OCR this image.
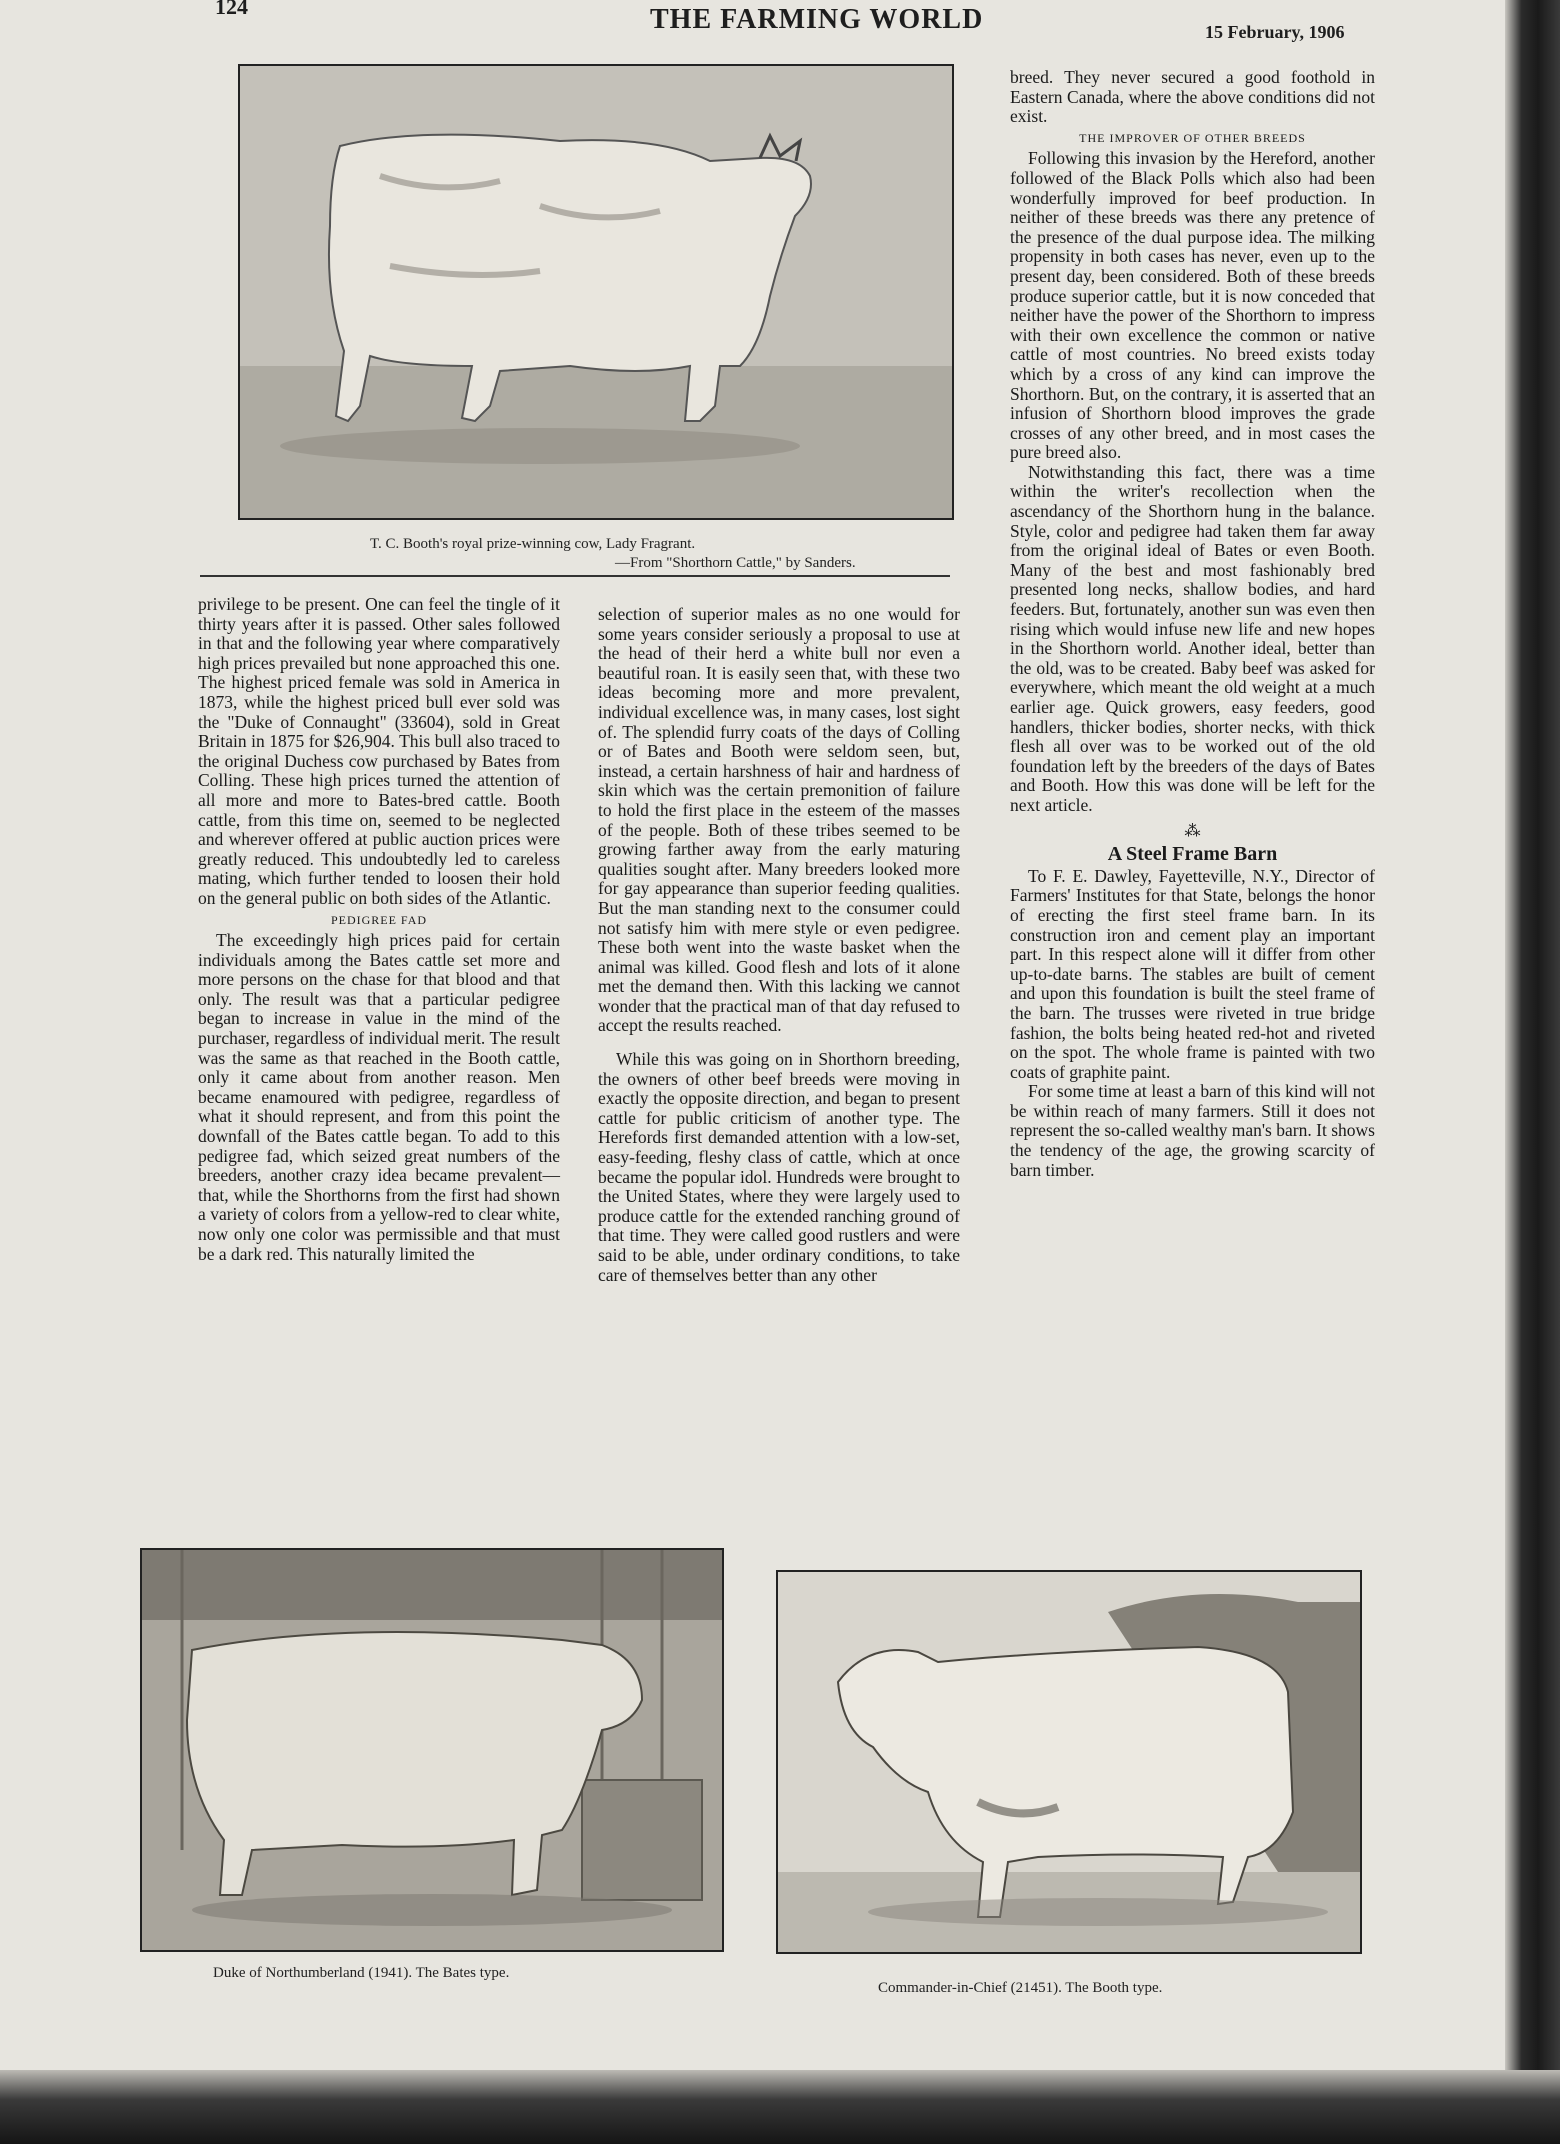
124	THE FARMING WORLD	15 February, 1906
T. C. Booth's royal prize-winning cow, Lady Fragrant.
—From "Shorthorn Cattle," by Sanders.

privilege to be present. One can feel the tingle of it thirty years after it is passed. Other sales followed in that and the following year where comparatively high prices prevailed but none approached this one. The highest priced female was sold in America in 1873, while the highest priced bull ever sold was the "Duke of Connaught" (33604), sold in Great Britain in 1875 for $26,904. This bull also traced to the original Duchess cow purchased by Bates from Colling. These high prices turned the attention of all more and more to Bates-bred cattle. Booth cattle, from this time on, seemed to be neglected and wherever offered at public auction prices were greatly reduced. This undoubtedly led to careless mating, which further tended to loosen their hold on the general public on both sides of the Atlantic.

PEDIGREE FAD

The exceedingly high prices paid for certain individuals among the Bates cattle set more and more persons on the chase for that blood and that only. The result was that a particular pedigree began to increase in value in the mind of the purchaser, regardless of individual merit. The result was the same as that reached in the Booth cattle, only it came about from another reason. Men became enamoured with pedigree, regardless of what it should represent, and from this point the downfall of the Bates cattle began. To add to this pedigree fad, which seized great numbers of the breeders, another crazy idea became prevalent—that, while the Shorthorns from the first had shown a variety of colors from a yellow-red to clear white, now only one color was permissible and that must be a dark red. This naturally limited the

selection of superior males as no one would for some years consider seriously a proposal to use at the head of their herd a white bull nor even a beautiful roan. It is easily seen that, with these two ideas becoming more and more prevalent, individual excellence was, in many cases, lost sight of. The splendid furry coats of the days of Colling or of Bates and Booth were seldom seen, but, instead, a certain harshness of hair and hardness of skin which was the certain premonition of failure to hold the first place in the esteem of the masses of the people. Both of these tribes seemed to be growing farther away from the early maturing qualities sought after. Many breeders looked more for gay appearance than superior feeding qualities. But the man standing next to the consumer could not satisfy him with mere style or even pedigree. These both went into the waste basket when the animal was killed. Good flesh and lots of it alone met the demand then. With this lacking we cannot wonder that the practical man of that day refused to accept the results reached.

While this was going on in Shorthorn breeding, the owners of other beef breeds were moving in exactly the opposite direction, and began to present cattle for public criticism of another type. The Herefords first demanded attention with a low-set, easy-feeding, fleshy class of cattle, which at once became the popular idol. Hundreds were brought to the United States, where they were largely used to produce cattle for the extended ranching ground of that time. They were called good rustlers and were said to be able, under ordinary conditions, to take care of themselves better than any other

breed. They never secured a good foothold in Eastern Canada, where the above conditions did not exist.

THE IMPROVER OF OTHER BREEDS

Following this invasion by the Hereford, another followed of the Black Polls which also had been wonderfully improved for beef production. In neither of these breeds was there any pretence of the presence of the dual purpose idea. The milking propensity in both cases has never, even up to the present day, been considered. Both of these breeds produce superior cattle, but it is now conceded that neither have the power of the Shorthorn to impress with their own excellence the common or native cattle of most countries. No breed exists today which by a cross of any kind can improve the Shorthorn. But, on the contrary, it is asserted that an infusion of Shorthorn blood improves the grade crosses of any other breed, and in most cases the pure breed also.

Notwithstanding this fact, there was a time within the writer's recollection when the ascendancy of the Shorthorn hung in the balance. Style, color and pedigree had taken them far away from the original ideal of Bates or even Booth. Many of the best and most fashionably bred presented long necks, shallow bodies, and hard feeders. But, fortunately, another sun was even then rising which would infuse new life and new hopes in the Shorthorn world. Another ideal, better than the old, was to be created. Baby beef was asked for everywhere, which meant the old weight at a much earlier age. Quick growers, easy feeders, good handlers, thicker bodies, shorter necks, with thick flesh all over was to be worked out of the old foundation left by the breeders of the days of Bates and Booth. How this was done will be left for the next article.

⁂
A Steel Frame Barn

To F. E. Dawley, Fayetteville, N.Y., Director of Farmers' Institutes for that State, belongs the honor of erecting the first steel frame barn. In its construction iron and cement play an important part. In this respect alone will it differ from other up-to-date barns. The stables are built of cement and upon this foundation is built the steel frame of the barn. The trusses were riveted in true bridge fashion, the bolts being heated red-hot and riveted on the spot. The whole frame is painted with two coats of graphite paint.

For some time at least a barn of this kind will not be within reach of many farmers. Still it does not represent the so-called wealthy man's barn. It shows the tendency of the age, the growing scarcity of barn timber.

Duke of Northumberland (1941). The Bates type.
Commander-in-Chief (21451). The Booth type.
